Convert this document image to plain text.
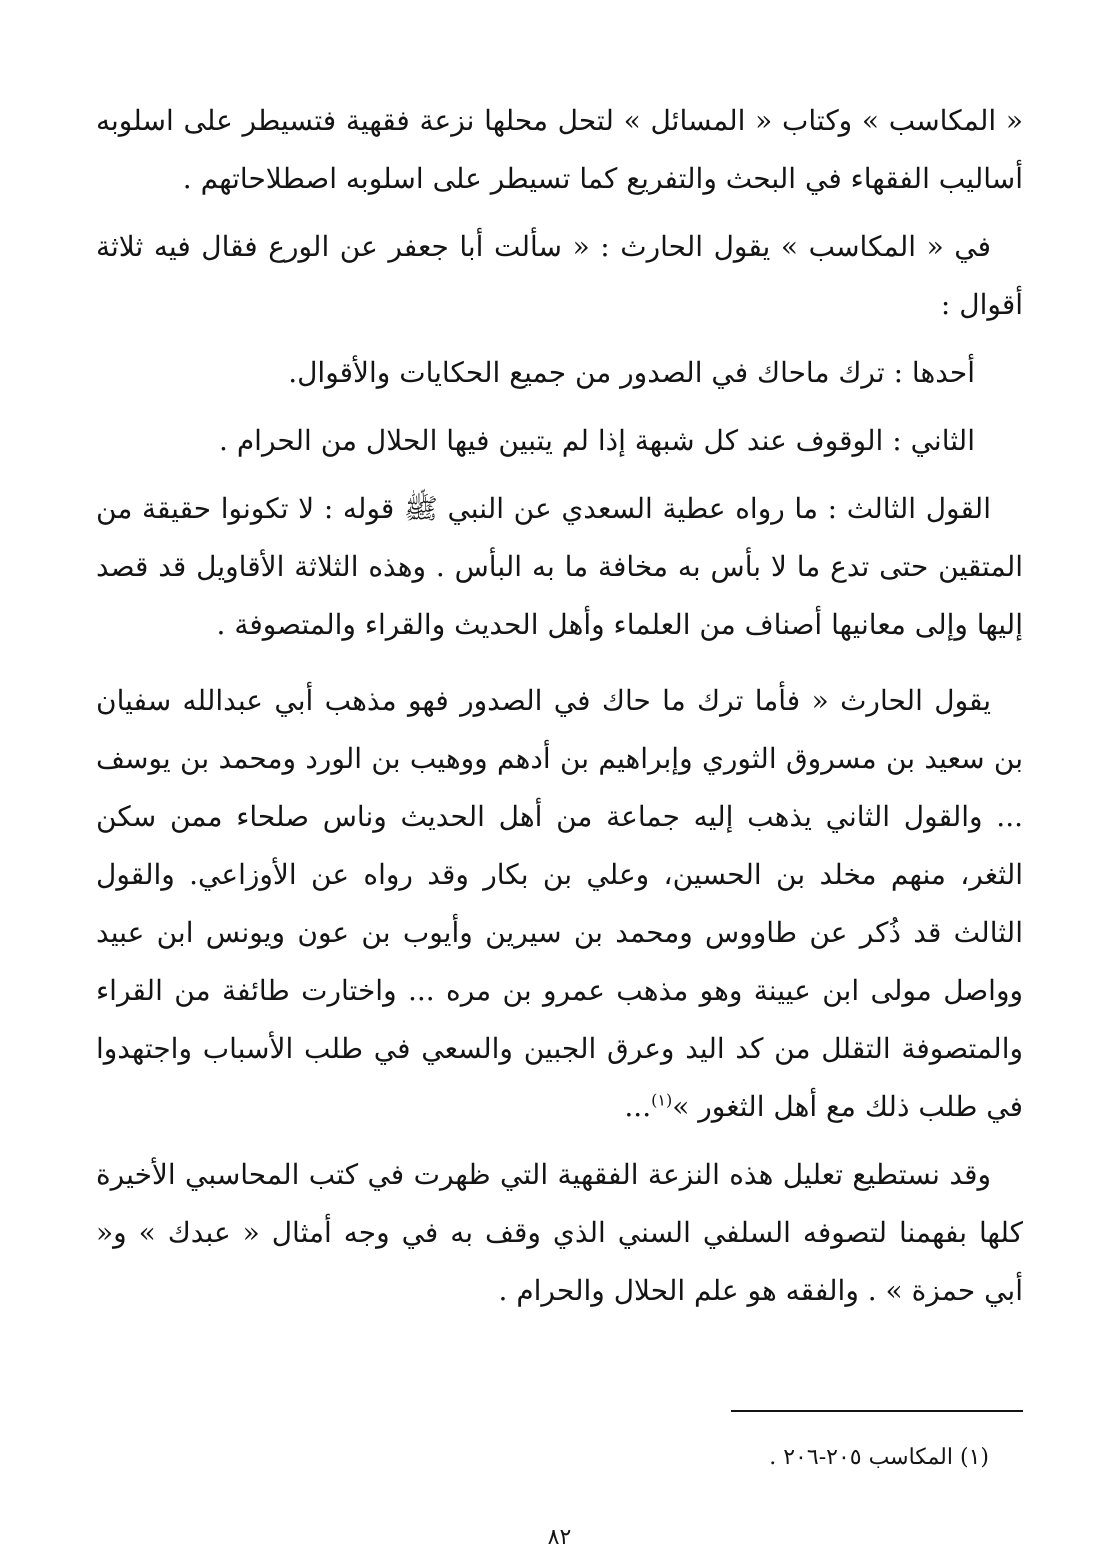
« المكاسب » وكتاب « المسائل » لتحل محلها نزعة فقهية فتسيطر على اسلوبه أساليب الفقهاء في البحث والتفريع كما تسيطر على اسلوبه اصطلاحاتهم .

في « المكاسب » يقول الحارث : « سألت أبا جعفر عن الورع فقال فيه ثلاثة أقوال :

أحدها : ترك ماحاك في الصدور من جميع الحكايات والأقوال.

الثاني : الوقوف عند كل شبهة إذا لم يتبين فيها الحلال من الحرام .

القول الثالث : ما رواه عطية السعدي عن النبي ﷺ قوله : لا تكونوا حقيقة من المتقين حتى تدع ما لا بأس به مخافة ما به البأس . وهذه الثلاثة الأقاويل قد قصد إليها وإلى معانيها أصناف من العلماء وأهل الحديث والقراء والمتصوفة .

يقول الحارث « فأما ترك ما حاك في الصدور فهو مذهب أبي عبدالله سفيان بن سعيد بن مسروق الثوري وإبراهيم بن أدهم ووهيب بن الورد ومحمد بن يوسف ... والقول الثاني يذهب إليه جماعة من أهل الحديث وناس صلحاء ممن سكن الثغر، منهم مخلد بن الحسين، وعلي بن بكار وقد رواه عن الأوزاعي. والقول الثالث قد ذُكر عن طاووس ومحمد بن سيرين وأيوب بن عون ويونس ابن عبيد وواصل مولى ابن عيينة وهو مذهب عمرو بن مره ... واختارت طائفة من القراء والمتصوفة التقلل من كد اليد وعرق الجبين والسعي في طلب الأسباب واجتهدوا في طلب ذلك مع أهل الثغور »$^{(١)}$...

وقد نستطيع تعليل هذه النزعة الفقهية التي ظهرت في كتب المحاسبي الأخيرة كلها بفهمنا لتصوفه السلفي السني الذي وقف به في وجه أمثال « عبدك » و« أبي حمزة » . والفقه هو علم الحلال والحرام .

(١) المكاسب ٢٠٥-٢٠٦ .

٨٢
